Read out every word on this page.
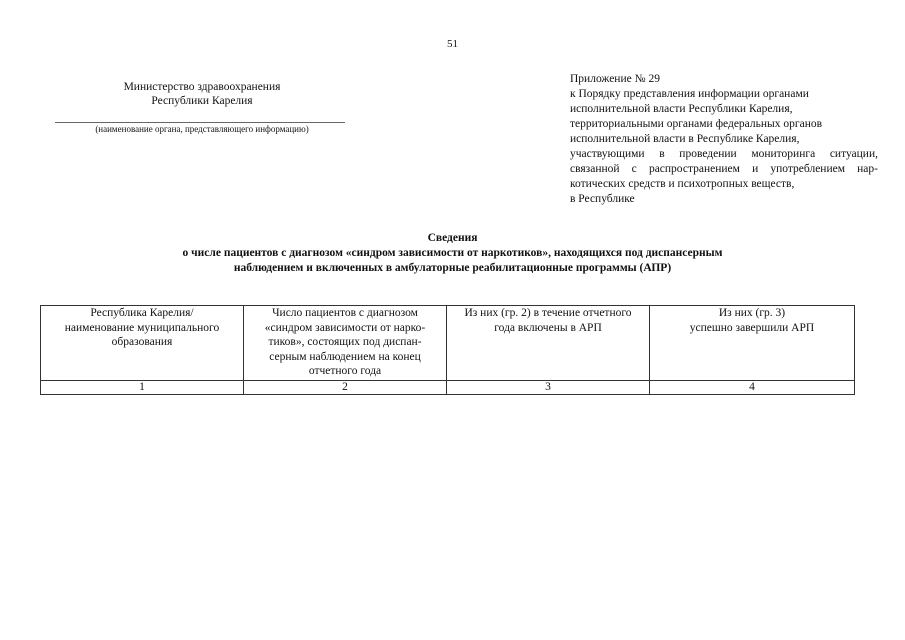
51
Министерство здравоохранения
Республики Карелия
(наименование органа, представляющего информацию)
Приложение № 29
к Порядку представления информации органами
исполнительной власти Республики Карелия,
территориальными органами федеральных органов
исполнительной власти в Республике Карелия,
участвующими в проведении мониторинга ситуации,
связанной с распространением и употреблением нар-
котических средств и психотропных веществ,
в Республике
Сведения
о числе пациентов с диагнозом «синдром зависимости от наркотиков», находящихся под диспансерным
наблюдением и включенных в амбулаторные реабилитационные программы (АПР)
Республика Карелия/
наименование муниципального
образования	Число пациентов с диагнозом
«синдром зависимости от нарко-
тиков», состоящих под диспан-
серным наблюдением на конец
отчетного года	Из них (гр. 2) в течение отчетного
года включены в АРП	Из них (гр. 3)
успешно завершили АРП

1	2	3	4
